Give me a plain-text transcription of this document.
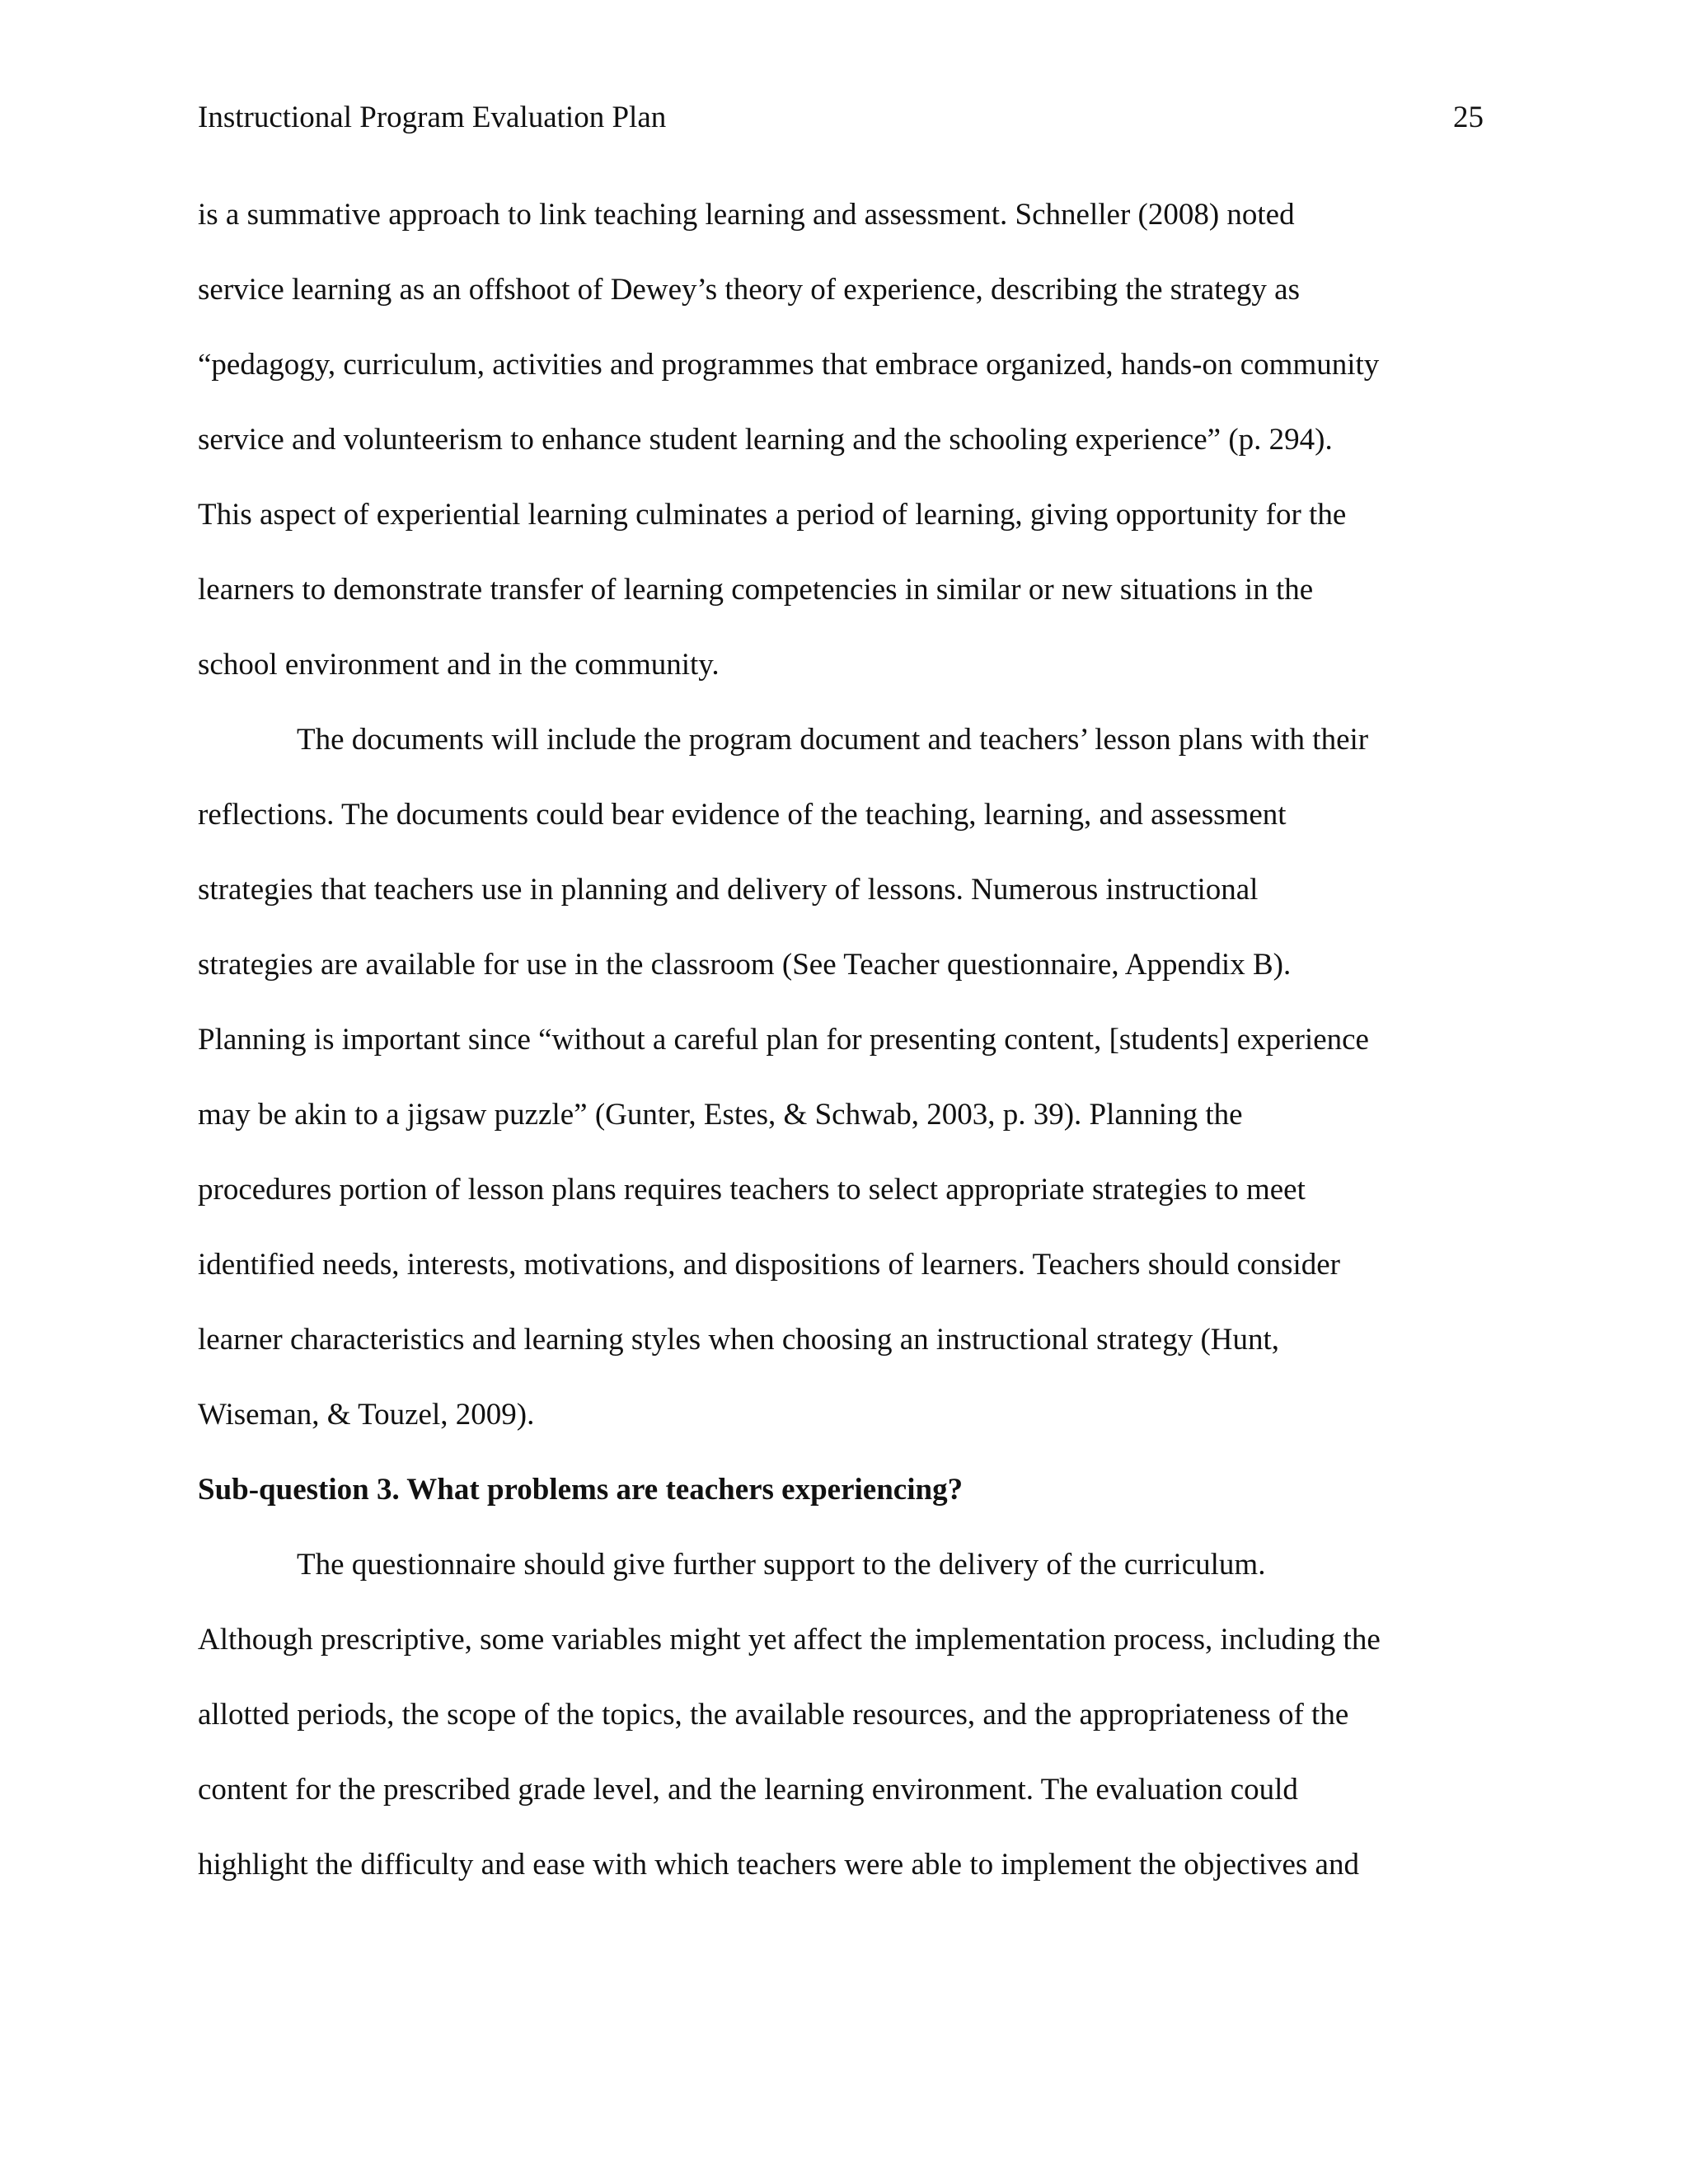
Instructional Program Evaluation Plan	25
is a summative approach to link teaching learning and assessment. Schneller (2008) noted
service learning as an offshoot of Dewey’s theory of experience, describing the strategy as
“pedagogy, curriculum, activities and programmes that embrace organized, hands-on community
service and volunteerism to enhance student learning and the schooling experience” (p. 294).
This aspect of experiential learning culminates a period of learning, giving opportunity for the
learners to demonstrate transfer of learning competencies in similar or new situations in the
school environment and in the community.
The documents will include the program document and teachers’ lesson plans with their
reflections. The documents could bear evidence of the teaching, learning, and assessment
strategies that teachers use in planning and delivery of lessons. Numerous instructional
strategies are available for use in the classroom (See Teacher questionnaire, Appendix B).
Planning is important since “without a careful plan for presenting content, [students] experience
may be akin to a jigsaw puzzle” (Gunter, Estes, & Schwab, 2003, p. 39). Planning the
procedures portion of lesson plans requires teachers to select appropriate strategies to meet
identified needs, interests, motivations, and dispositions of learners. Teachers should consider
learner characteristics and learning styles when choosing an instructional strategy (Hunt,
Wiseman, & Touzel, 2009).
Sub-question 3. What problems are teachers experiencing?
The questionnaire should give further support to the delivery of the curriculum.
Although prescriptive, some variables might yet affect the implementation process, including the
allotted periods, the scope of the topics, the available resources, and the appropriateness of the
content for the prescribed grade level, and the learning environment. The evaluation could
highlight the difficulty and ease with which teachers were able to implement the objectives and
